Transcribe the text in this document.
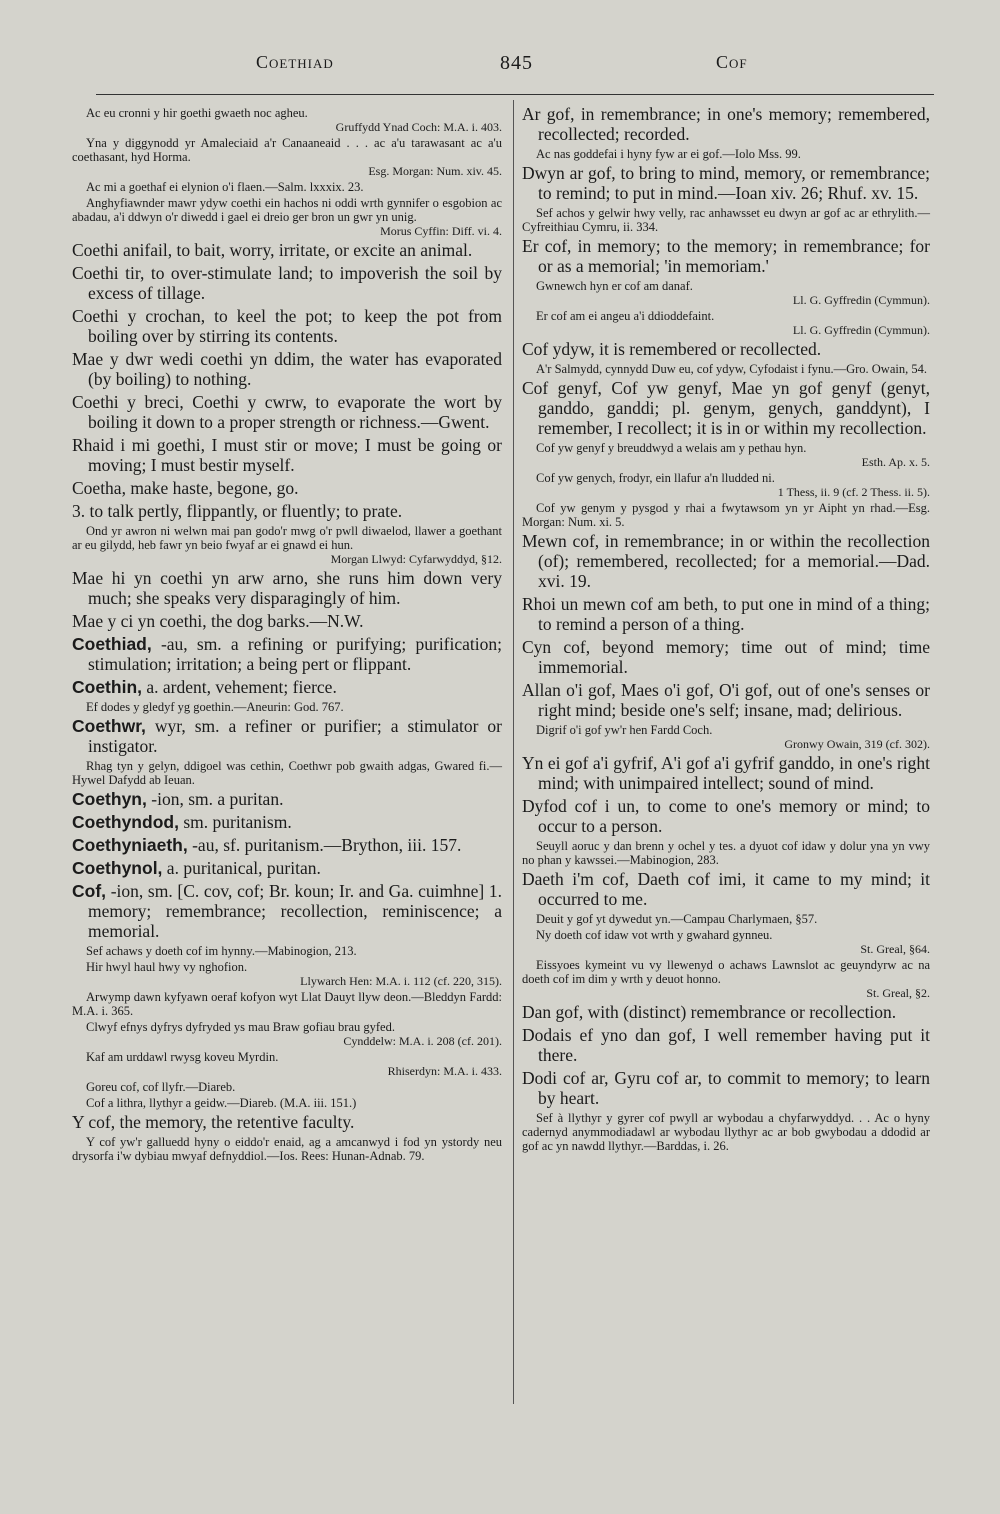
Coethiad	845	Cof

Ac eu cronni y hir goethi gwaeth noc agheu.
Gruffydd Ynad Coch: M.A. i. 403.

Yna y diggynodd yr Amaleciaid a'r Canaaneaid . . . ac a'u tarawasant ac a'u coethasant, hyd Horma.
Esg. Morgan: Num. xiv. 45.

Ac mi a goethaf ei elynion o'i flaen.—Salm. lxxxix. 23.

Anghyfiawnder mawr ydyw coethi ein hachos ni oddi wrth gynnifer o esgobion ac abadau, a'i ddwyn o'r diwedd i gael ei dreio ger bron un gwr yn unig.
Morus Cyffin: Diff. vi. 4.

Coethi anifail, to bait, worry, irritate, or excite an animal.

Coethi tir, to over-stimulate land; to impoverish the soil by excess of tillage.

Coethi y crochan, to keel the pot; to keep the pot from boiling over by stirring its contents.

Mae y dwr wedi coethi yn ddim, the water has evaporated (by boiling) to nothing.

Coethi y breci, Coethi y cwrw, to evaporate the wort by boiling it down to a proper strength or richness.—Gwent.

Rhaid i mi goethi, I must stir or move; I must be going or moving; I must bestir myself.

Coetha, make haste, begone, go.

3. to talk pertly, flippantly, or fluently; to prate.

Ond yr awron ni welwn mai pan godo'r mwg o'r pwll diwaelod, llawer a goethant ar eu gilydd, heb fawr yn beio fwyaf ar ei gnawd ei hun.
Morgan Llwyd: Cyfarwyddyd, §12.

Mae hi yn coethi yn arw arno, she runs him down very much; she speaks very disparagingly of him.

Mae y ci yn coethi, the dog barks.—N.W.

Coethiad, -au, sm. a refining or purifying; purification; stimulation; irritation; a being pert or flippant.

Coethin, a. ardent, vehement; fierce.

Ef dodes y gledyf yg goethin.—Aneurin: God. 767.

Coethwr, wyr, sm. a refiner or purifier; a stimulator or instigator.

Rhag tyn y gelyn, ddigoel was cethin, Coethwr pob gwaith adgas, Gwared fi.—Hywel Dafydd ab Ieuan.

Coethyn, -ion, sm. a puritan.

Coethyndod, sm. puritanism.

Coethyniaeth, -au, sf. puritanism.—Brython, iii. 157.

Coethynol, a. puritanical, puritan.

Cof, -ion, sm. [C. cov, cof; Br. koun; Ir. and Ga. cuimhne] 1. memory; remembrance; recollection, reminiscence; a memorial.

Sef achaws y doeth cof im hynny.—Mabinogion, 213.

Hir hwyl haul hwy vy nghofion.
Llywarch Hen: M.A. i. 112 (cf. 220, 315).

Arwymp dawn kyfyawn oeraf kofyon wyt Llat Dauyt llyw deon.—Bleddyn Fardd: M.A. i. 365.

Clwyf efnys dyfrys dyfryded ys mau Braw gofiau brau gyfed.
Cynddelw: M.A. i. 208 (cf. 201).

Kaf am urddawl rwysg koveu Myrdin.
Rhiserdyn: M.A. i. 433.

Goreu cof, cof llyfr.—Diareb.

Cof a lithra, llythyr a geidw.—Diareb. (M.A. iii. 151.)

Y cof, the memory, the retentive faculty.

Y cof yw'r galluedd hyny o eiddo'r enaid, ag a amcanwyd i fod yn ystordy neu drysorfa i'w dybiau mwyaf defnyddiol.—Ios. Rees: Hunan-Adnab. 79.

Ar gof, in remembrance; in one's memory; remembered, recollected; recorded.

Ac nas goddefai i hyny fyw ar ei gof.—Iolo Mss. 99.

Dwyn ar gof, to bring to mind, memory, or remembrance; to remind; to put in mind.—Ioan xiv. 26; Rhuf. xv. 15.

Sef achos y gelwir hwy velly, rac anhawsset eu dwyn ar gof ac ar ethrylith.—Cyfreithiau Cymru, ii. 334.

Er cof, in memory; to the memory; in remembrance; for or as a memorial; 'in memoriam.'

Gwnewch hyn er cof am danaf.
Ll. G. Gyffredin (Cymmun).

Er cof am ei angeu a'i ddioddefaint.
Ll. G. Gyffredin (Cymmun).

Cof ydyw, it is remembered or recollected.

A'r Salmydd, cynnydd Duw eu, cof ydyw, Cyfodaist i fynu.—Gro. Owain, 54.

Cof genyf, Cof yw genyf, Mae yn gof genyf (genyt, ganddo, ganddi; pl. genym, genych, ganddynt), I remember, I recollect; it is in or within my recollection.

Cof yw genyf y breuddwyd a welais am y pethau hyn.
Esth. Ap. x. 5.

Cof yw genych, frodyr, ein llafur a'n lludded ni.
1 Thess, ii. 9 (cf. 2 Thess. ii. 5).

Cof yw genym y pysgod y rhai a fwytawsom yn yr Aipht yn rhad.—Esg. Morgan: Num. xi. 5.

Mewn cof, in remembrance; in or within the recollection (of); remembered, recollected; for a memorial.—Dad. xvi. 19.

Rhoi un mewn cof am beth, to put one in mind of a thing; to remind a person of a thing.

Cyn cof, beyond memory; time out of mind; time immemorial.

Allan o'i gof, Maes o'i gof, O'i gof, out of one's senses or right mind; beside one's self; insane, mad; delirious.

Digrif o'i gof yw'r hen Fardd Coch.
Gronwy Owain, 319 (cf. 302).

Yn ei gof a'i gyfrif, A'i gof a'i gyfrif ganddo, in one's right mind; with unimpaired intellect; sound of mind.

Dyfod cof i un, to come to one's memory or mind; to occur to a person.

Seuyll aoruc y dan brenn y ochel y tes. a dyuot cof idaw y dolur yna yn vwy no phan y kawssei.—Mabinogion, 283.

Daeth i'm cof, Daeth cof imi, it came to my mind; it occurred to me.

Deuit y gof yt dywedut yn.—Campau Charlymaen, §57.

Ny doeth cof idaw vot wrth y gwahard gynneu.
St. Greal, §64.

Eissyoes kymeint vu vy llewenyd o achaws Lawnslot ac geuyndyrw ac na doeth cof im dim y wrth y deuot honno.
St. Greal, §2.

Dan gof, with (distinct) remembrance or recollection.

Dodais ef yno dan gof, I well remember having put it there.

Dodi cof ar, Gyru cof ar, to commit to memory; to learn by heart.

Sef à llythyr y gyrer cof pwyll ar wybodau a chyfarwyddyd. . . Ac o hyny cadernyd anymmodiadawl ar wybodau llythyr ac ar bob gwybodau a ddodid ar gof ac yn nawdd llythyr.—Barddas, i. 26.
